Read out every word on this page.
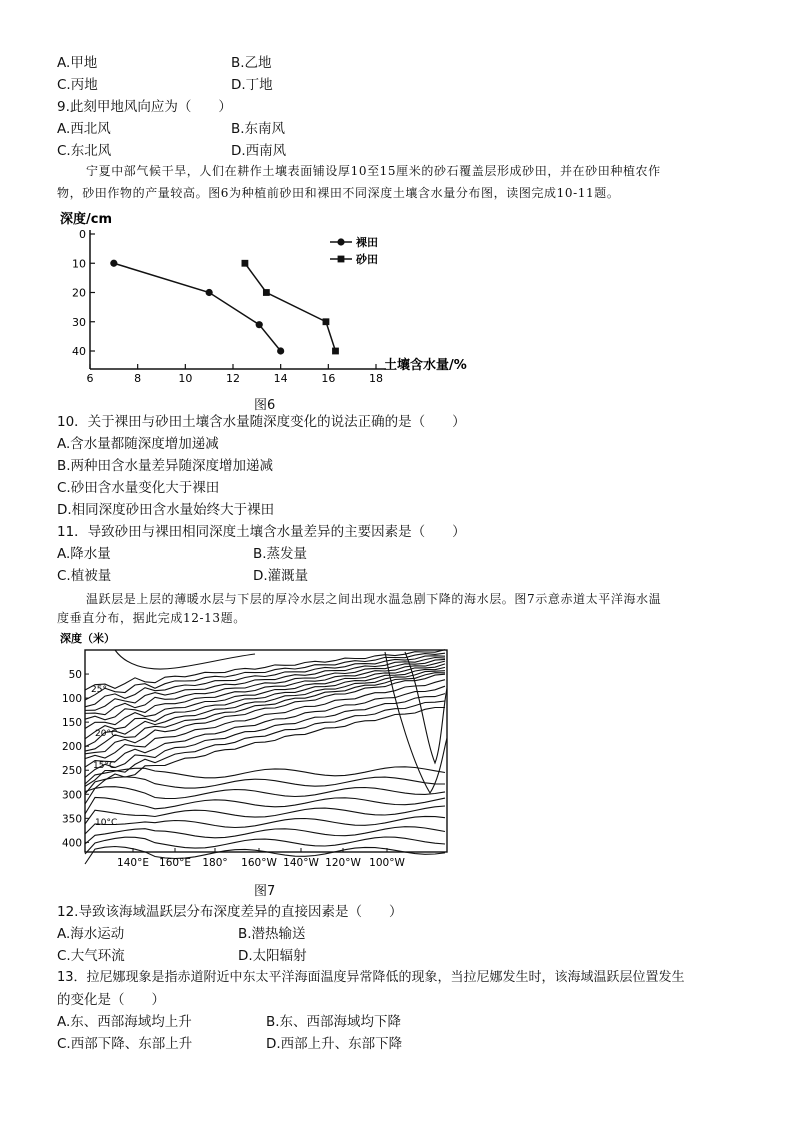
A.甲地	B.乙地
C.丙地	D.丁地
9.此刻甲地风向应为（　　）
A.西北风	B.东南风
C.东北风	D.西南风
宁夏中部气候干旱，人们在耕作土壤表面铺设厚10至15厘米的砂石覆盖层形成砂田，并在砂田种植农作
物，砂田作物的产量较高。图6为种植前砂田和裸田不同深度土壤含水量分布图，读图完成10-11题。
深度/cm
土壤含水量/%
0
10
20
30
40
6	8	10	12	14	16	18
裸田
砂田
图6
10．关于裸田与砂田土壤含水量随深度变化的说法正确的是（　　）
A.含水量都随深度增加递减
B.两种田含水量差异随深度增加递减
C.砂田含水量变化大于裸田
D.相同深度砂田含水量始终大于裸田
11．导致砂田与裸田相同深度土壤含水量差异的主要因素是（　　）
A.降水量	B.蒸发量
C.植被量	D.灌溉量
温跃层是上层的薄暖水层与下层的厚冷水层之间出现水温急剧下降的海水层。图7示意赤道太平洋海水温
度垂直分布，据此完成12-13题。
深度（米）
50
100
150
200
250
300
350
400
140°E 160°E 180° 160°W 140°W 120°W 100°W
25°
20°C
15°C
10°C
图7
12.导致该海域温跃层分布深度差异的直接因素是（　　）
A.海水运动	B.潜热输送
C.大气环流	D.太阳辐射
13．拉尼娜现象是指赤道附近中东太平洋海面温度异常降低的现象，当拉尼娜发生时，该海域温跃层位置发生
的变化是（　　）
A.东、西部海域均上升	B.东、西部海域均下降
C.西部下降、东部上升	D.西部上升、东部下降
